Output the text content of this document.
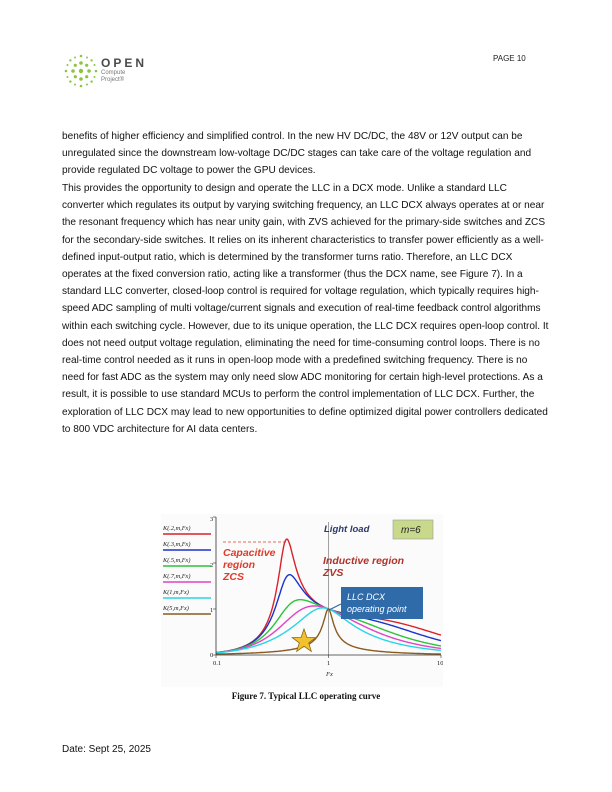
OPEN
Compute
Project®
PAGE 10
benefits of higher efficiency and simplified control. In the new HV DC/DC, the 48V or 12V output can be unregulated since the downstream low-voltage DC/DC stages can take care of the voltage regulation and provide regulated DC voltage to power the GPU devices.
This provides the opportunity to design and operate the LLC in a DCX mode. Unlike a standard LLC converter which regulates its output by varying switching frequency, an LLC DCX always operates at or near the resonant frequency which has near unity gain, with ZVS achieved for the primary-side switches and ZCS for the secondary-side switches. It relies on its inherent characteristics to transfer power efficiently as a well-defined input-output ratio, which is determined by the transformer turns ratio. Therefore, an LLC DCX operates at the fixed conversion ratio, acting like a transformer (thus the DCX name, see Figure 7). In a standard LLC converter, closed-loop control is required for voltage regulation, which typically requires high-speed ADC sampling of multi voltage/current signals and execution of real-time feedback control algorithms within each switching cycle. However, due to its unique operation, the LLC DCX requires open-loop control. It does not need output voltage regulation, eliminating the need for time-consuming control loops. There is no real-time control needed as it runs in open-loop mode with a predefined switching frequency. There is no need for fast ADC as the system may only need slow ADC monitoring for certain high-level protections. As a result, it is possible to use standard MCUs to perform the control implementation of LLC DCX. Further, the exploration of LLC DCX may lead to new opportunities to define optimized digital power controllers dedicated to 800 VDC architecture for AI data centers.
3
2
1
0
0.1	1	10
Fx
K(.2,m,Fx)
K(.3,m,Fx)
K(.5,m,Fx)
K(.7,m,Fx)
K(1,m,Fx)
K(5,m,Fx)
Light load	m=6
Capacitive
region
ZCS
Inductive region
ZVS
LLC DCX
operating point
Figure 7. Typical LLC operating curve
Date: Sept 25, 2025
